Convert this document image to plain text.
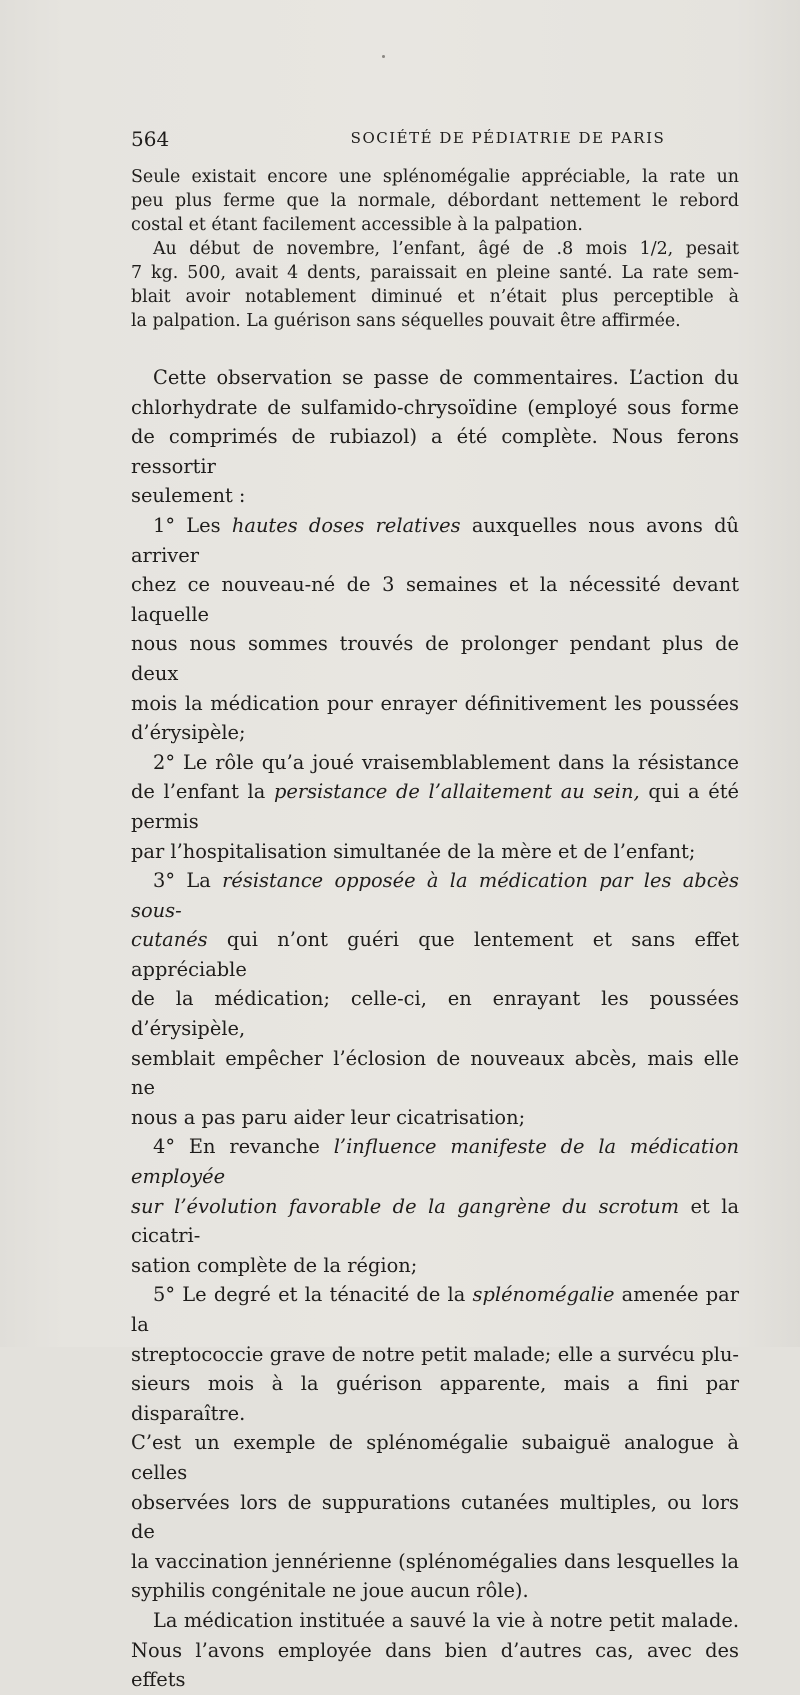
564	SOCIÉTÉ DE PÉDIATRIE DE PARIS

Seule existait encore une splénomégalie appréciable, la rate un
peu plus ferme que la normale, débordant nettement le rebord

costal et étant facilement accessible à la palpation.

Au début de novembre, l’enfant, âgé de .8 mois 1/2, pesait

7 kg. 500, avait 4 dents, paraissait en pleine santé. La rate sem-
blait avoir notablement diminué et n’était plus perceptible à

la palpation. La guérison sans séquelles pouvait être affirmée.

Cette observation se passe de commentaires. L’action du

chlorhydrate de sulfamido-chrysoïdine (employé sous forme
de comprimés de rubiazol) a été complète. Nous ferons ressortir

seulement :

1° Les hautes doses relatives auxquelles nous avons dû arriver

chez ce nouveau-né de 3 semaines et la nécessité devant laquelle
nous nous sommes trouvés de prolonger pendant plus de deux
mois la médication pour enrayer définitivement les poussées

d’érysipèle;

2° Le rôle qu’a joué vraisemblablement dans la résistance

de l’enfant la persistance de l’allaitement au sein, qui a été permis

par l’hospitalisation simultanée de la mère et de l’enfant;

3° La résistance opposée à la médication par les abcès sous-

cutanés qui n’ont guéri que lentement et sans effet appréciable
de la médication; celle-ci, en enrayant les poussées d’érysipèle,
semblait empêcher l’éclosion de nouveaux abcès, mais elle ne

nous a pas paru aider leur cicatrisation;

4° En revanche l’influence manifeste de la médication employée

sur l’évolution favorable de la gangrène du scrotum et la cicatri-

sation complète de la région;

5° Le degré et la ténacité de la splénomégalie amenée par la

streptococcie grave de notre petit malade; elle a survécu plu-
sieurs mois à la guérison apparente, mais a fini par disparaître.
C’est un exemple de splénomégalie subaiguë analogue à celles
observées lors de suppurations cutanées multiples, ou lors de
la vaccination jennérienne (splénomégalies dans lesquelles la

syphilis congénitale ne joue aucun rôle).

La médication instituée a sauvé la vie à notre petit malade.

Nous l’avons employée dans bien d’autres cas, avec des effets
